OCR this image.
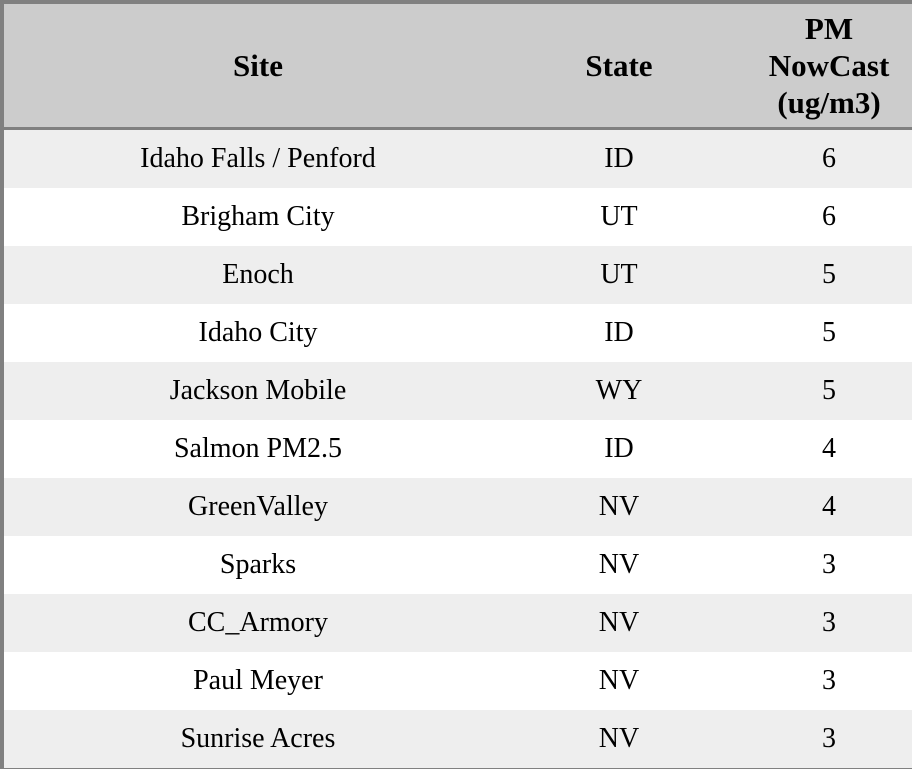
Site	State	PM
NowCast
(ug/m3)

Idaho Falls / Penford	ID	6
Brigham City	UT	6
Enoch	UT	5
Idaho City	ID	5
Jackson Mobile	WY	5
Salmon PM2.5	ID	4
GreenValley	NV	4
Sparks	NV	3
CC_Armory	NV	3
Paul Meyer	NV	3
Sunrise Acres	NV	3
